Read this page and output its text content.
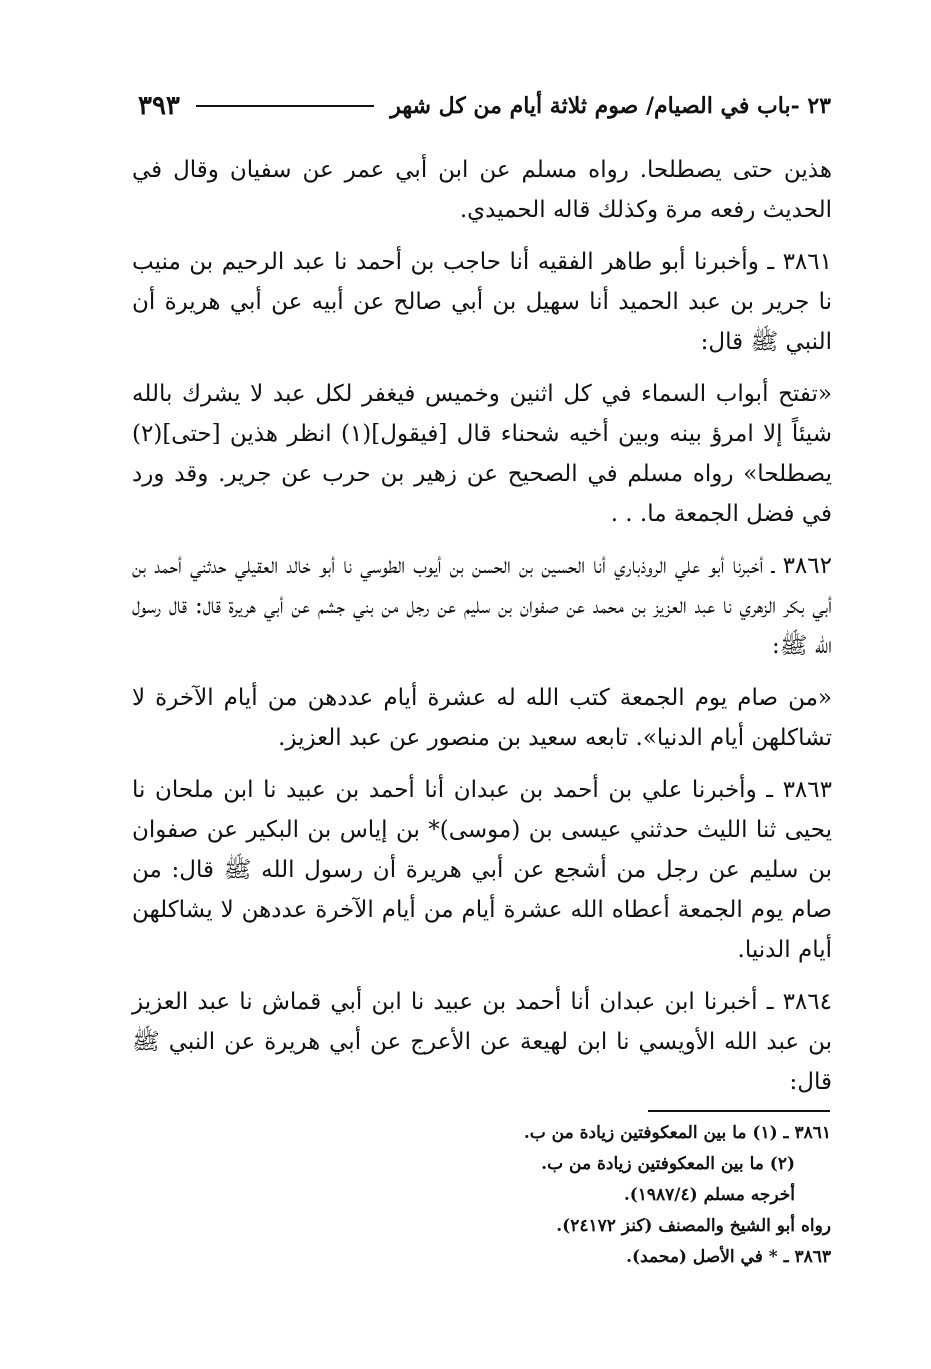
٢٣ -باب في الصيام/ صوم ثلاثة أيام من كل شهر
٣٩٣

هذين حتى يصطلحا. رواه مسلم عن ابن أبي عمر عن سفيان وقال في الحديث رفعه مرة وكذلك قاله الحميدي.

٣٨٦١ ـ وأخبرنا أبو طاهر الفقيه أنا حاجب بن أحمد نا عبد الرحيم بن منيب نا جرير بن عبد الحميد أنا سهيل بن أبي صالح عن أبيه عن أبي هريرة أن النبي ﷺ قال:

«تفتح أبواب السماء في كل اثنين وخميس فيغفر لكل عبد لا يشرك بالله شيئاً إلا امرؤ بينه وبين أخيه شحناء قال [فيقول](١) انظر هذين [حتى](٢) يصطلحا» رواه مسلم في الصحيح عن زهير بن حرب عن جرير. وقد ورد في فضل الجمعة ما. . .

٣٨٦٢ ـ أخبرنا أبو علي الروذباري أنا الحسين بن الحسن بن أيوب الطوسي نا أبو خالد العقيلي حدثني أحمد بن أبي بكر الزهري نا عبد العزيز بن محمد عن صفوان بن سليم عن رجل من بني جشم عن أبي هريرة قال: قال رسول الله ﷺ:

«من صام يوم الجمعة كتب الله له عشرة أيام عددهن من أيام الآخرة لا تشاكلهن أيام الدنيا». تابعه سعيد بن منصور عن عبد العزيز.

٣٨٦٣ ـ وأخبرنا علي بن أحمد بن عبدان أنا أحمد بن عبيد نا ابن ملحان نا يحيى ثنا الليث حدثني عيسى بن (موسى)* بن إياس بن البكير عن صفوان بن سليم عن رجل من أشجع عن أبي هريرة أن رسول الله ﷺ قال: من صام يوم الجمعة أعطاه الله عشرة أيام من أيام الآخرة عددهن لا يشاكلهن أيام الدنيا.

٣٨٦٤ ـ أخبرنا ابن عبدان أنا أحمد بن عبيد نا ابن أبي قماش نا عبد العزيز بن عبد الله الأويسي نا ابن لهيعة عن الأعرج عن أبي هريرة عن النبي ﷺ قال:

٣٨٦١ ـ (١) ما بين المعكوفتين زيادة من ب.
(٢) ما بين المعكوفتين زيادة من ب.
أخرجه مسلم (١٩٨٧/٤).
رواه أبو الشيخ والمصنف (كنز ٢٤١٧٢).
٣٨٦٣ ـ * في الأصل (محمد).
